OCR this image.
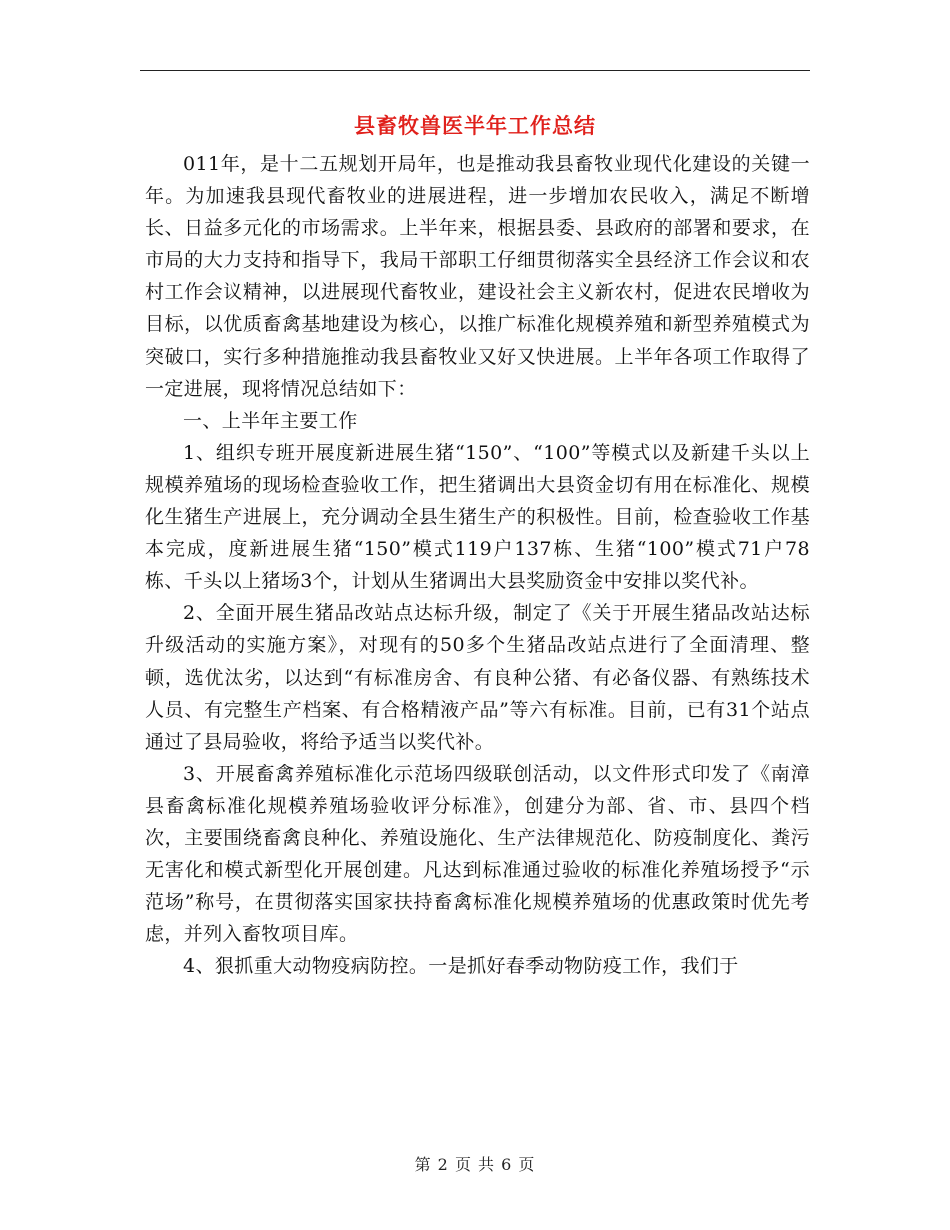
县畜牧兽医半年工作总结

011年，是十二五规划开局年，也是推动我县畜牧业现代化建设的关键一年。为加速我县现代畜牧业的进展进程，进一步增加农民收入，满足不断增长、日益多元化的市场需求。上半年来，根据县委、县政府的部署和要求，在市局的大力支持和指导下，我局干部职工仔细贯彻落实全县经济工作会议和农村工作会议精神，以进展现代畜牧业，建设社会主义新农村，促进农民增收为目标，以优质畜禽基地建设为核心，以推广标准化规模养殖和新型养殖模式为突破口，实行多种措施推动我县畜牧业又好又快进展。上半年各项工作取得了一定进展，现将情况总结如下：

一、上半年主要工作

1、组织专班开展度新进展生猪“150”、“100”等模式以及新建千头以上规模养殖场的现场检查验收工作，把生猪调出大县资金切有用在标准化、规模化生猪生产进展上，充分调动全县生猪生产的积极性。目前，检查验收工作基本完成，度新进展生猪“150”模式119户137栋、生猪“100”模式71户78栋、千头以上猪场3个，计划从生猪调出大县奖励资金中安排以奖代补。

2、全面开展生猪品改站点达标升级，制定了《关于开展生猪品改站达标升级活动的实施方案》，对现有的50多个生猪品改站点进行了全面清理、整顿，选优汰劣，以达到“有标准房舍、有良种公猪、有必备仪器、有熟练技术人员、有完整生产档案、有合格精液产品”等六有标准。目前，已有31个站点通过了县局验收，将给予适当以奖代补。

3、开展畜禽养殖标准化示范场四级联创活动，以文件形式印发了《南漳县畜禽标准化规模养殖场验收评分标准》，创建分为部、省、市、县四个档次，主要围绕畜禽良种化、养殖设施化、生产法律规范化、防疫制度化、粪污无害化和模式新型化开展创建。凡达到标准通过验收的标准化养殖场授予“示范场”称号，在贯彻落实国家扶持畜禽标准化规模养殖场的优惠政策时优先考虑，并列入畜牧项目库。

4、狠抓重大动物疫病防控。一是抓好春季动物防疫工作，我们于

第 2 页 共 6 页
